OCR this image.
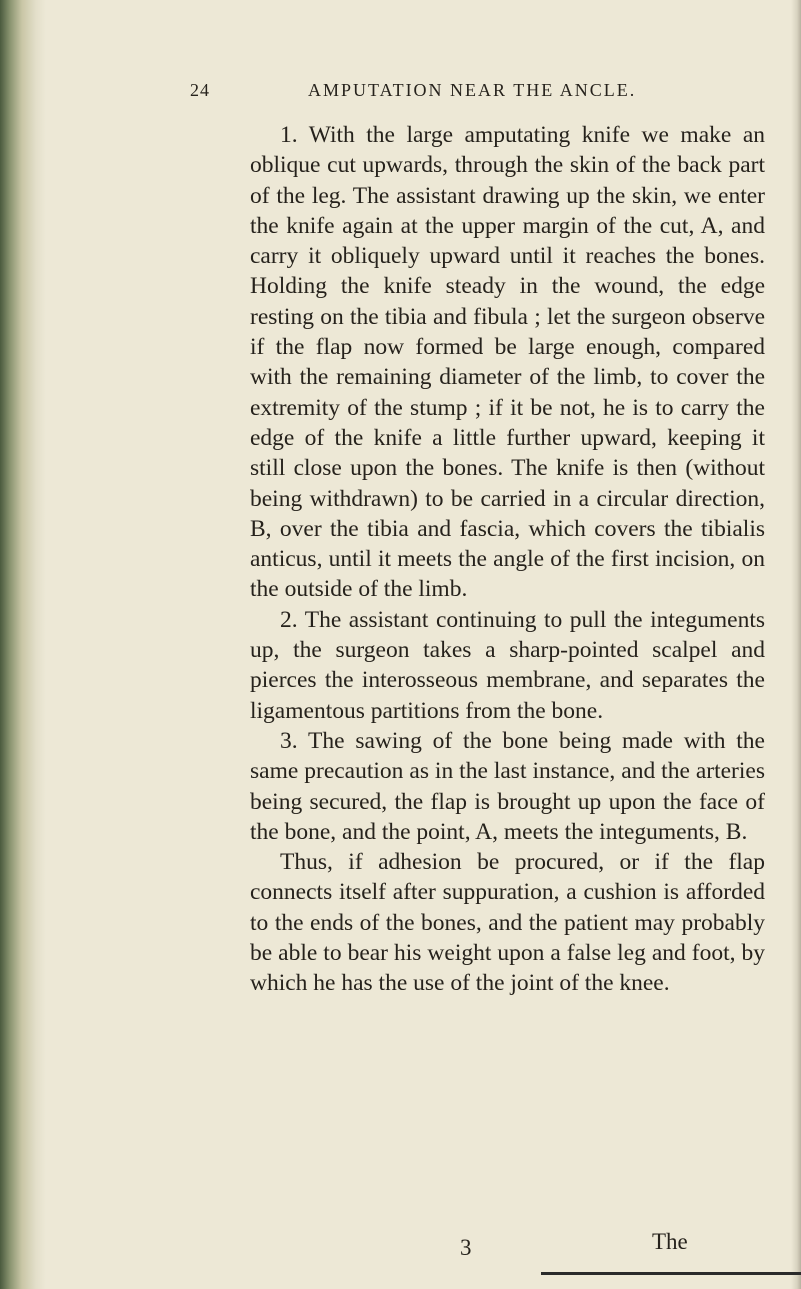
24	AMPUTATION NEAR THE ANCLE.

1. With the large amputating knife we make an oblique cut upwards, through the skin of the back part of the leg. The assistant drawing up the skin, we enter the knife again at the upper margin of the cut, A, and carry it obliquely upward until it reaches the bones. Holding the knife steady in the wound, the edge resting on the tibia and fibula ; let the surgeon observe if the flap now formed be large enough, compared with the remaining diameter of the limb, to cover the extremity of the stump ; if it be not, he is to carry the edge of the knife a little further upward, keeping it still close upon the bones. The knife is then (without being withdrawn) to be carried in a circular direction, B, over the tibia and fascia, which covers the tibialis anticus, until it meets the angle of the first incision, on the outside of the limb.

2. The assistant continuing to pull the integuments up, the surgeon takes a sharp-pointed scalpel and pierces the interosseous membrane, and separates the ligamentous partitions from the bone.

3. The sawing of the bone being made with the same precaution as in the last instance, and the arteries being secured, the flap is brought up upon the face of the bone, and the point, A, meets the integuments, B.

Thus, if adhesion be procured, or if the flap connects itself after suppuration, a cushion is afforded to the ends of the bones, and the patient may probably be able to bear his weight upon a false leg and foot, by which he has the use of the joint of the knee.

3	The
